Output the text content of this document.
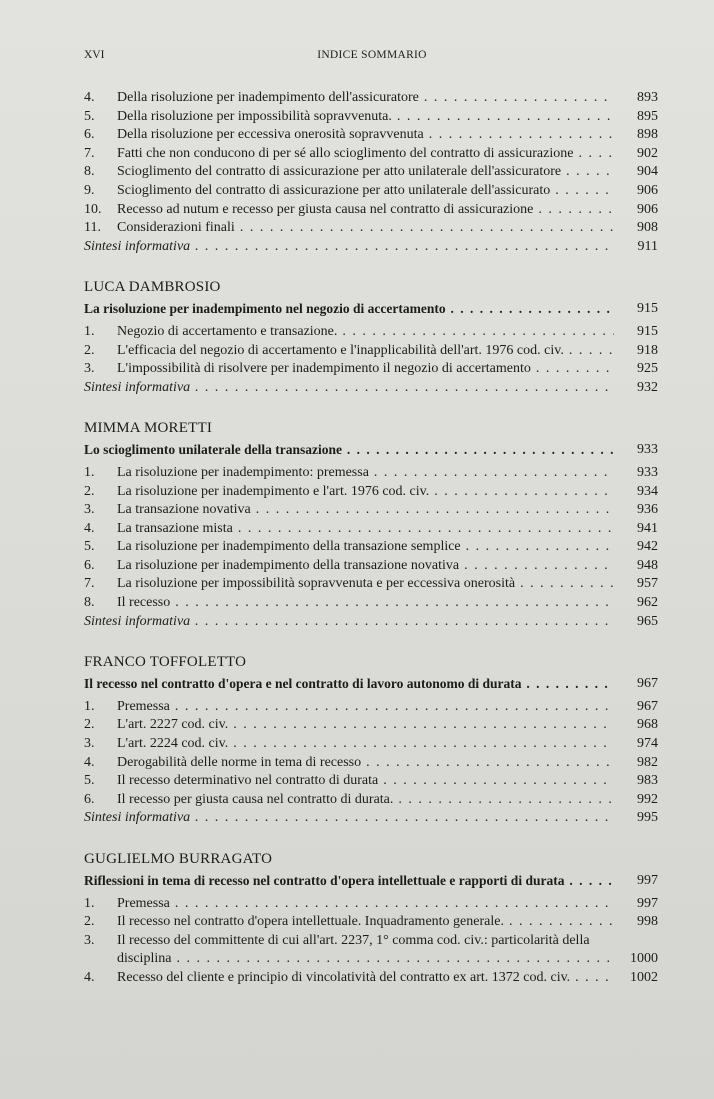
XVI	INDICE SOMMARIO
4.	Della risoluzione per inadempimento dell'assicuratore . . .	893
5.	Della risoluzione per impossibilità sopravvenuta. . . .	895
6.	Della risoluzione per eccessiva onerosità sopravvenuta . . .	898
7.	Fatti che non conducono di per sé allo scioglimento del contratto di assicurazione . . .	902
8.	Scioglimento del contratto di assicurazione per atto unilaterale dell'assicuratore . . .	904
9.	Scioglimento del contratto di assicurazione per atto unilaterale dell'assicurato . . .	906
10.	Recesso ad nutum e recesso per giusta causa nel contratto di assicurazione . . .	906
11.	Considerazioni finali . . .	908
Sintesi informativa . . .	911
LUCA DAMBROSIO
La risoluzione per inadempimento nel negozio di accertamento . . .	915
1.	Negozio di accertamento e transazione. . . .	915
2.	L'efficacia del negozio di accertamento e l'inapplicabilità dell'art. 1976 cod. civ. . . .	918
3.	L'impossibilità di risolvere per inadempimento il negozio di accertamento . . .	925
Sintesi informativa . . .	932
MIMMA MORETTI
Lo scioglimento unilaterale della transazione . . .	933
1.	La risoluzione per inadempimento: premessa . . .	933
2.	La risoluzione per inadempimento e l'art. 1976 cod. civ. . . .	934
3.	La transazione novativa . . .	936
4.	La transazione mista . . .	941
5.	La risoluzione per inadempimento della transazione semplice . . .	942
6.	La risoluzione per inadempimento della transazione novativa . . .	948
7.	La risoluzione per impossibilità sopravvenuta e per eccessiva onerosità . . .	957
8.	Il recesso . . .	962
Sintesi informativa . . .	965
FRANCO TOFFOLETTO
Il recesso nel contratto d'opera e nel contratto di lavoro autonomo di durata . . .	967
1.	Premessa . . .	967
2.	L'art. 2227 cod. civ. . . .	968
3.	L'art. 2224 cod. civ. . . .	974
4.	Derogabilità delle norme in tema di recesso . . .	982
5.	Il recesso determinativo nel contratto di durata . . .	983
6.	Il recesso per giusta causa nel contratto di durata. . . .	992
Sintesi informativa . . .	995
GUGLIELMO BURRAGATO
Riflessioni in tema di recesso nel contratto d'opera intellettuale e rapporti di durata . . .	997
1.	Premessa . . .	997
2.	Il recesso nel contratto d'opera intellettuale. Inquadramento generale. . . .	998
3.	Il recesso del committente di cui all'art. 2237, 1° comma cod. civ.: particolarità della
disciplina . . .	1000
4.	Recesso del cliente e principio di vincolatività del contratto ex art. 1372 cod. civ. . . .	1002
